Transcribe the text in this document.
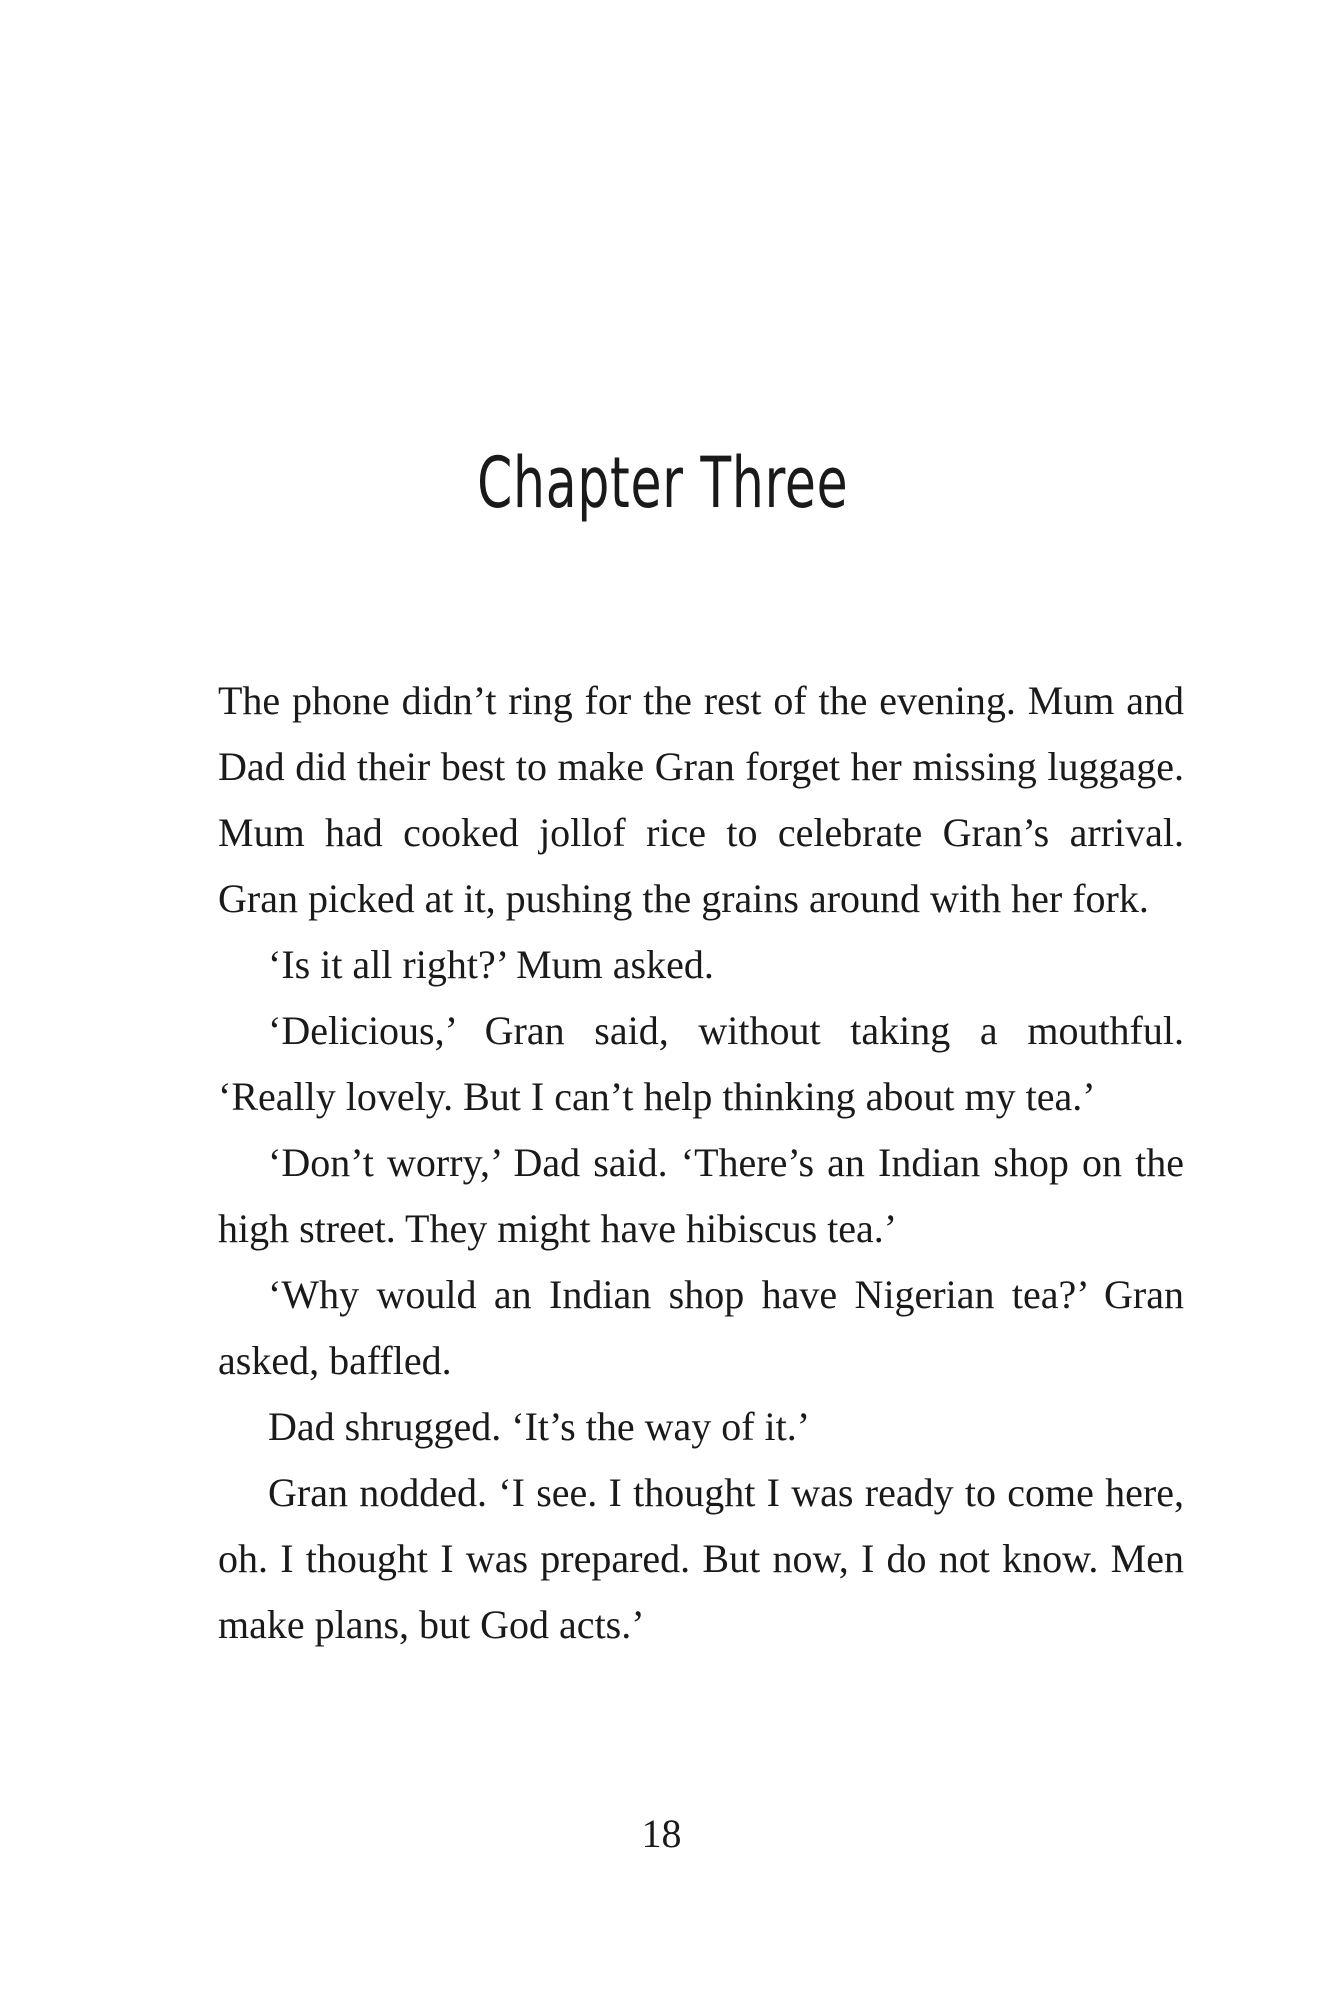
Chapter Three

The phone didn’t ring for the rest of the evening. Mum and Dad did their best to make Gran forget her missing luggage. Mum had cooked jollof rice to celebrate Gran’s arrival. Gran picked at it, pushing the grains around with her fork.

‘Is it all right?’ Mum asked.

‘Delicious,’ Gran said, without taking a mouthful. ‘Really lovely. But I can’t help thinking about my tea.’

‘Don’t worry,’ Dad said. ‘There’s an Indian shop on the high street. They might have hibiscus tea.’

‘Why would an Indian shop have Nigerian tea?’ Gran asked, baffled.

Dad shrugged. ‘It’s the way of it.’

Gran nodded. ‘I see. I thought I was ready to come here, oh. I thought I was prepared. But now, I do not know. Men make plans, but God acts.’

18
